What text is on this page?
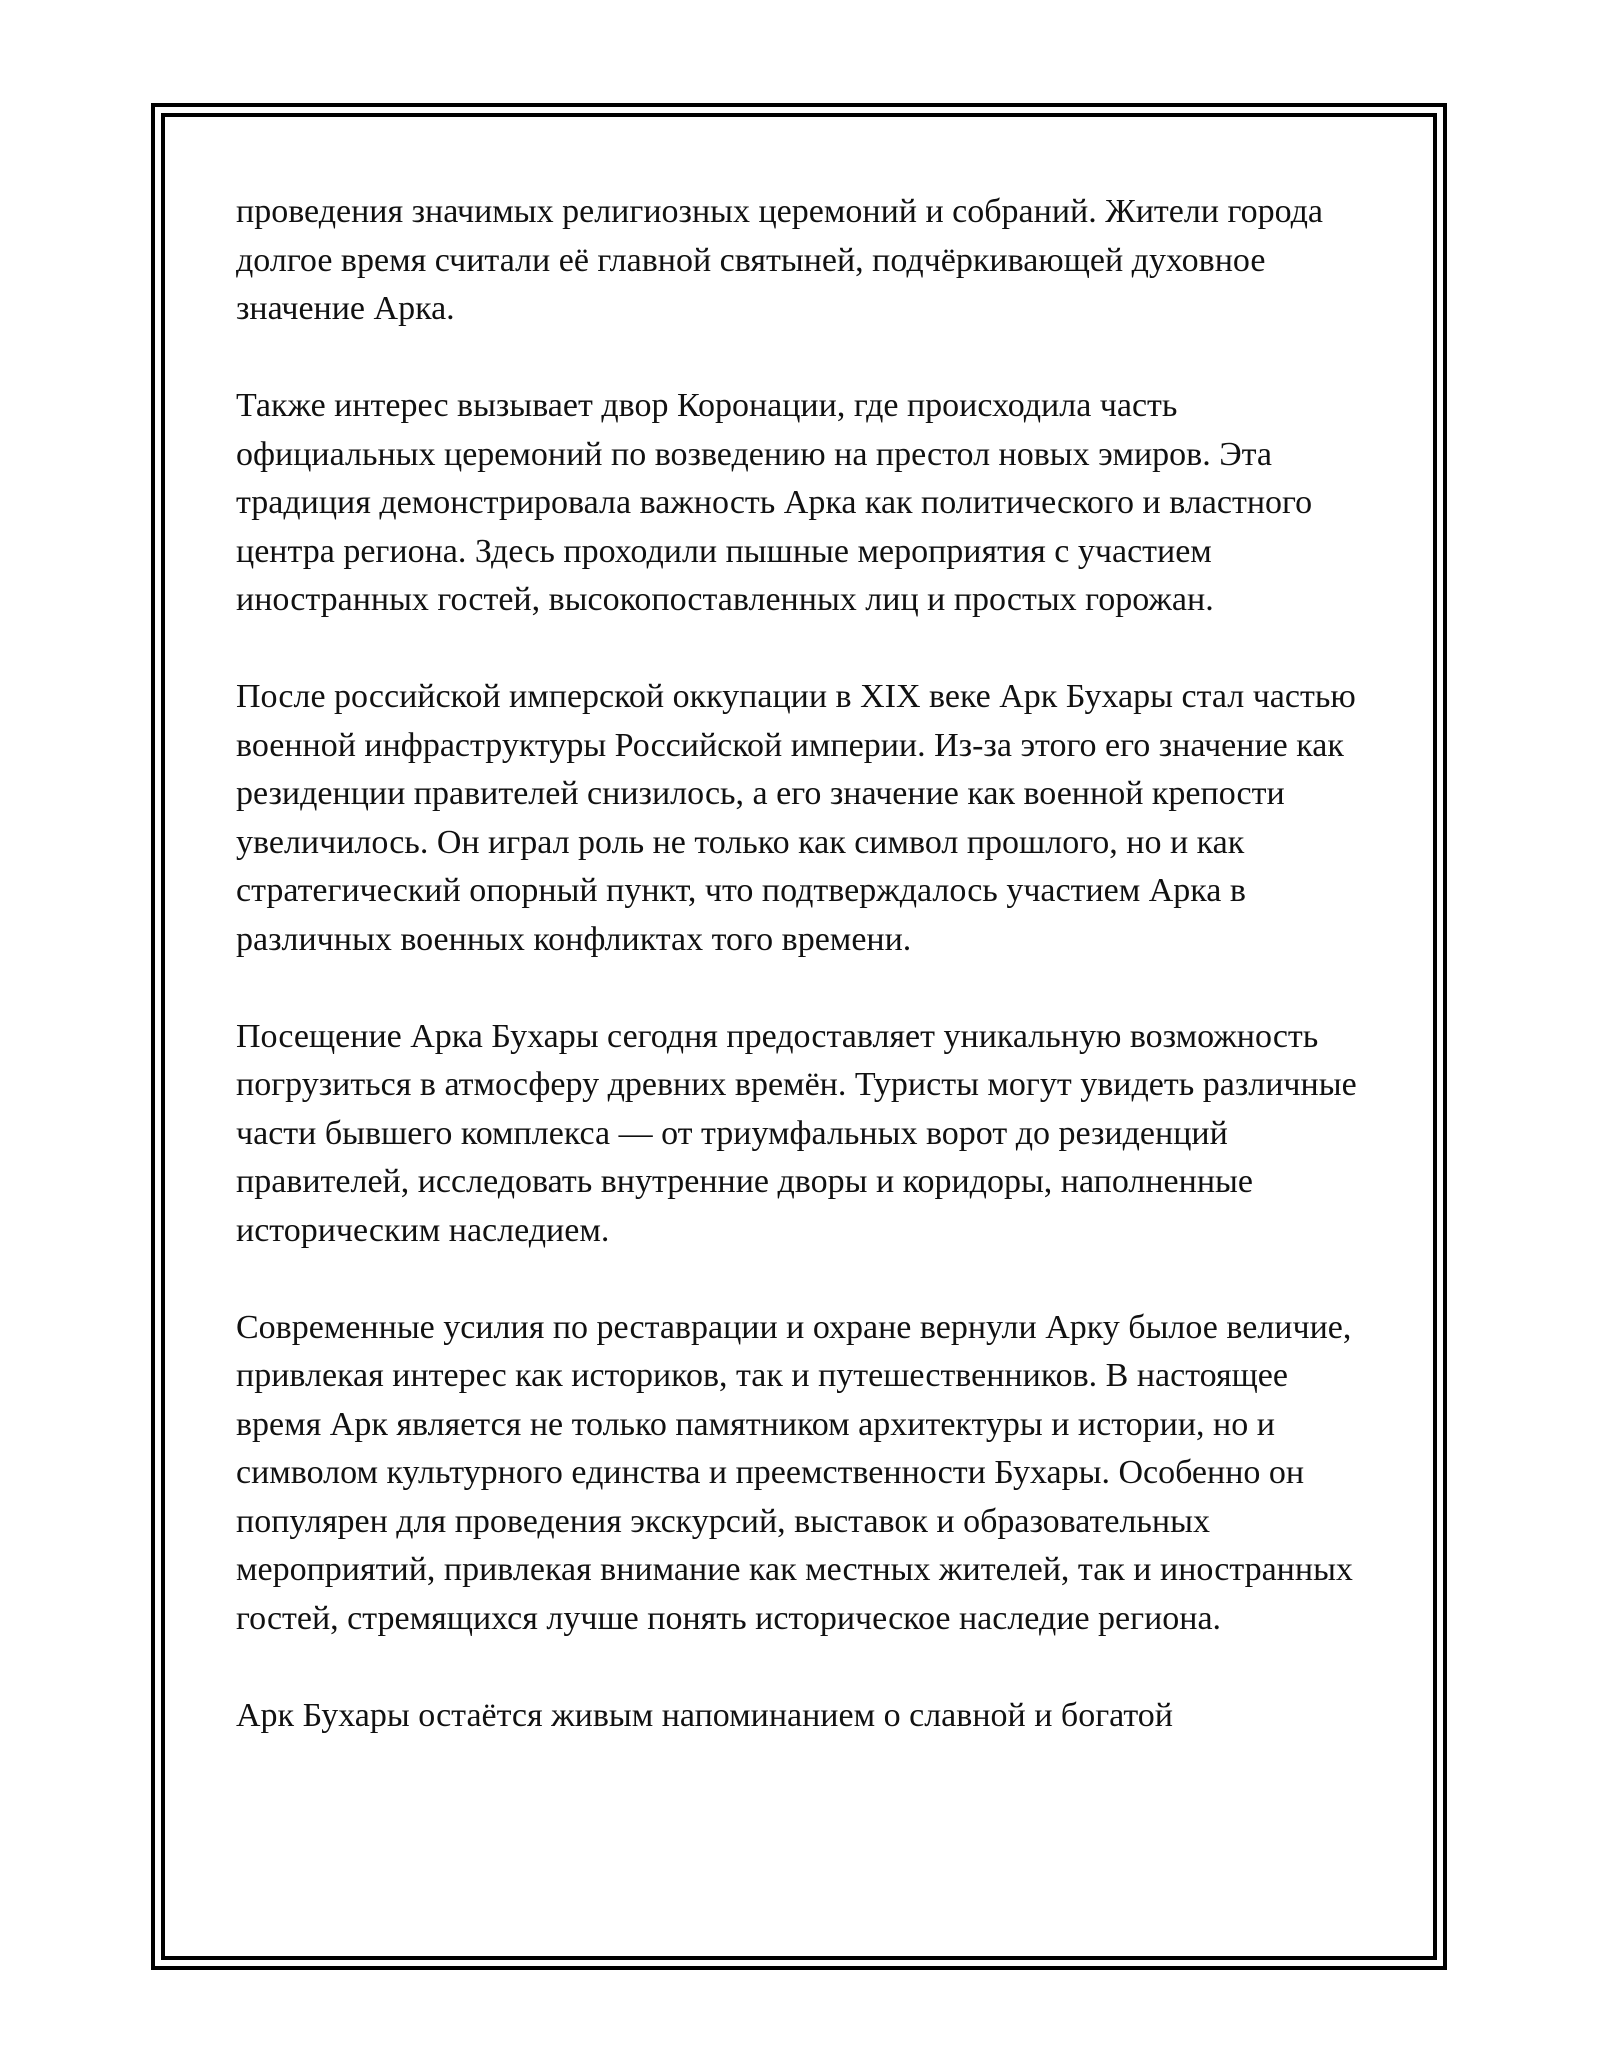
проведения значимых религиозных церемоний и собраний. Жители города долгое время считали её главной святыней, подчёркивающей духовное значение Арка.

Также интерес вызывает двор Коронации, где происходила часть официальных церемоний по возведению на престол новых эмиров. Эта традиция демонстрировала важность Арка как политического и властного центра региона. Здесь проходили пышные мероприятия с участием иностранных гостей, высокопоставленных лиц и простых горожан.

После российской имперской оккупации в XIX веке Арк Бухары стал частью военной инфраструктуры Российской империи. Из-за этого его значение как резиденции правителей снизилось, а его значение как военной крепости увеличилось. Он играл роль не только как символ прошлого, но и как стратегический опорный пункт, что подтверждалось участием Арка в различных военных конфликтах того времени.

Посещение Арка Бухары сегодня предоставляет уникальную возможность погрузиться в атмосферу древних времён. Туристы могут увидеть различные части бывшего комплекса — от триумфальных ворот до резиденций правителей, исследовать внутренние дворы и коридоры, наполненные историческим наследием.

Современные усилия по реставрации и охране вернули Арку былое величие, привлекая интерес как историков, так и путешественников. В настоящее время Арк является не только памятником архитектуры и истории, но и символом культурного единства и преемственности Бухары. Особенно он популярен для проведения экскурсий, выставок и образовательных мероприятий, привлекая внимание как местных жителей, так и иностранных гостей, стремящихся лучше понять историческое наследие региона.

Арк Бухары остаётся живым напоминанием о славной и богатой
